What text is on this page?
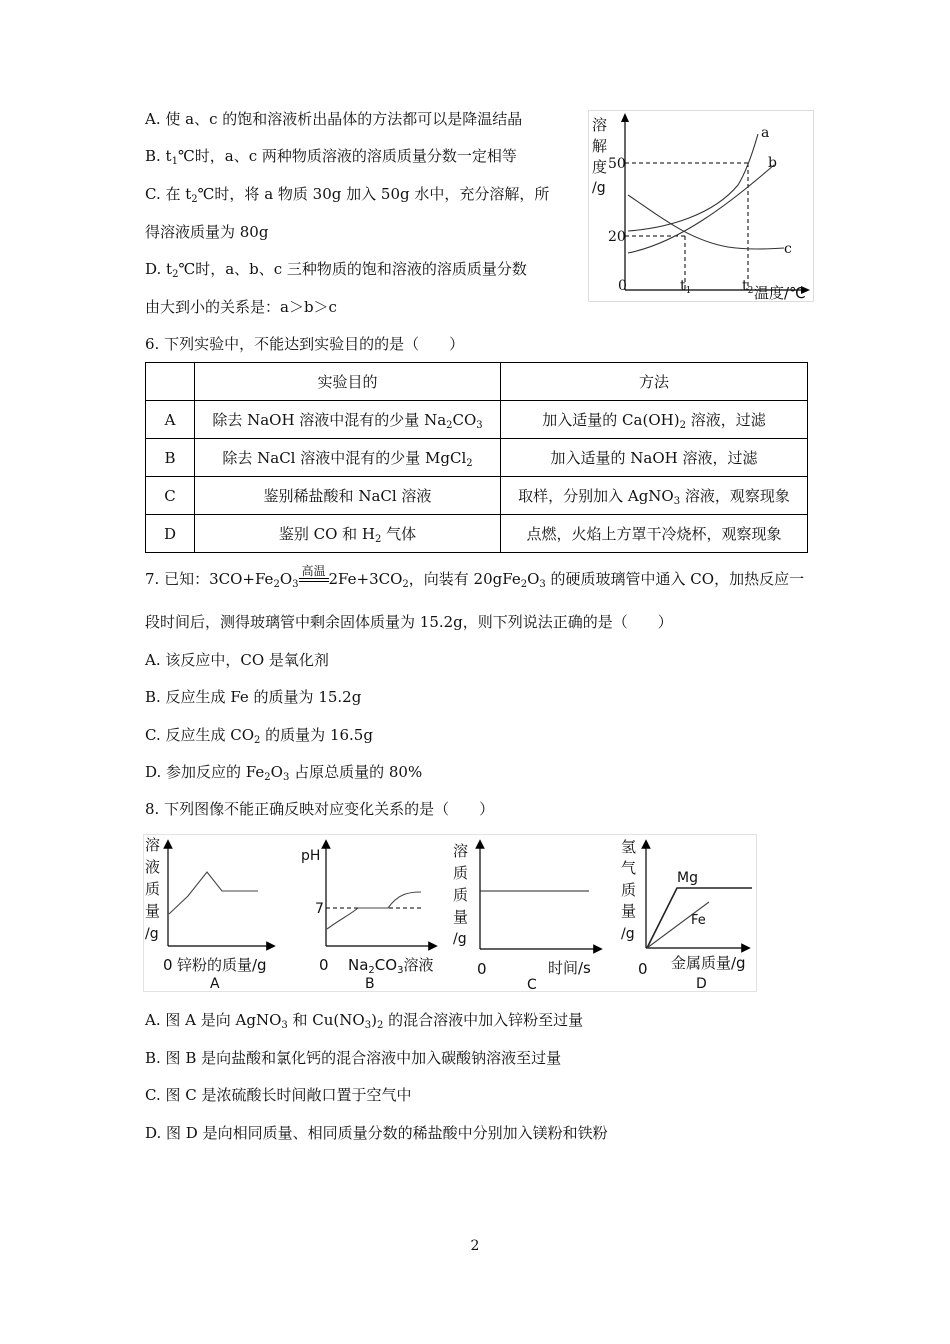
A. 使 a、c 的饱和溶液析出晶体的方法都可以是降温结晶
B. $t_1℃$时，a、c 两种物质溶液的溶质质量分数一定相等
C. 在 $t_2℃$时，将 a 物质 30g 加入 50g 水中，充分溶解，所
得溶液质量为 80g
D. $t_2℃$时，a、b、c 三种物质的饱和溶液的溶质质量分数
由大到小的关系是：a＞b＞c
溶
解
度
/g
a
b
c
50
20
0	$t_1$	$t_2$ 温度/℃
6. 下列实验中，不能达到实验目的的是（　　）
	实验目的	方法
A	除去 NaOH 溶液中混有的少量 $Na_2CO_3$	加入适量的 $Ca(OH)_2$ 溶液，过滤
B	除去 NaCl 溶液中混有的少量 MgCl$_2$	加入适量的 NaOH 溶液，过滤
C	鉴别稀盐酸和 NaCl 溶液	取样，分别加入 AgNO$_3$ 溶液，观察现象
D	鉴别 CO 和 $H_2$ 气体	点燃，火焰上方罩干冷烧杯，观察现象
7. 已知：$3CO+Fe_2O_3$
高温 $2Fe+3CO_2$，向装有 $20gFe_2O_3$ 的硬质玻璃管中通入 CO，加热反应一
段时间后，测得玻璃管中剩余固体质量为 15.2g，则下列说法正确的是（　　）
A. 该反应中，CO 是氧化剂
B. 反应生成 Fe 的质量为 15.2g
C. 反应生成 $CO_2$ 的质量为 16.5g
D. 参加反应的 $Fe_2O_3$ 占原总质量的 80%
8. 下列图像不能正确反映对应变化关系的是（　　）
溶
液
质
量
/g
0 锌粉的质量/g
A
pH
7
0 $Na_2CO_3$溶液
B
溶
质
质
量
/g
0	时间/s
C
氢
气
质
量
/g
Mg
Fe
0 金属质量/g
D
A. 图 A 是向 AgNO$_3$ 和 $Cu(NO_3)_2$ 的混合溶液中加入锌粉至过量
B. 图 B 是向盐酸和氯化钙的混合溶液中加入碳酸钠溶液至过量
C. 图 C 是浓硫酸长时间敞口置于空气中
D. 图 D 是向相同质量、相同质量分数的稀盐酸中分别加入镁粉和铁粉
2
